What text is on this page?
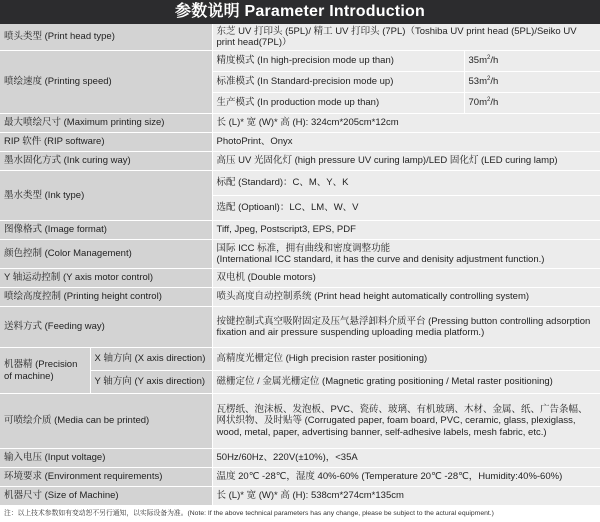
参数说明 Parameter Introduction
喷头类型 (Print head type)		东芝 UV 打印头 (5PL)/ 精工 UV 打印头 (7PL)（Toshiba UV print head (5PL)/Seiko UV print head(7PL)）	
喷绘速度 (Printing speed)		精度模式 (In high-precision mode up than)	$35m^2/h$
		标准模式 (In Standard-precision mode up)	$53m^2/h$
		生产模式 (In production mode up than)	$70m^2/h$
最大喷绘尺寸 (Maximum printing size)		长 (L)* 宽 (W)* 高 (H): 324cm*205cm*12cm	
RIP 软件 (RIP software)		PhotoPrint、Onyx	
墨水固化方式 (Ink curing way)		高压 UV 光固化灯 (high pressure UV curing lamp)/LED 固化灯 (LED curing lamp)	
墨水类型 (Ink type)		标配 (Standard)：C、M、Y、K	
		选配 (Optioanl)：LC、LM、W、V	
图像格式 (Image format)		Tiff, Jpeg, Postscript3, EPS, PDF	
颜色控制 (Color Management)		国际 ICC 标准，拥有曲线和密度调整功能
(International ICC standard, it has the curve and denisity adjustment function.)	

Y 轴运动控制 (Y axis motor control)		双电机 (Double motors)	
喷绘高度控制 (Printing height control)		喷头高度自动控制系统 (Print head height automatically controlling system)	
送料方式 (Feeding way)		按键控制式真空吸附固定及压气悬浮卸料介质平台 (Pressing button controlling adsorption fixation and air pressure suspending uploading media platform.)	
机器精 (Precision of machine)	X 轴方向 (X axis direction)	高精度光栅定位 (High precision raster positioning)	
	Y 轴方向 (Y axis direction)	磁栅定位 / 金属光栅定位 (Magnetic grating positioning / Metal raster positioning)	
可喷绘介质 (Media can be printed)		瓦楞纸、泡沫板、发泡板、PVC、瓷砖、玻璃、有机玻璃、木材、金属、纸、广告条幅、网状织物、及时贴等 (Corrugated paper, foam board, PVC, ceramic, glass, plexiglass, wood, metal, paper, advertising banner, self-adhesive labels, mesh fabric, etc.)	
输入电压 (Input voltage)		50Hz/60Hz、220V(±10%)，<35A	
环境要求 (Environment requirements)		温度 20℃ -28℃，湿度 40%-60% (Temperature 20℃ -28℃，Humidity:40%-60%)	
机器尺寸 (Size of Machine)		长 (L)* 宽 (W)* 高 (H): 538cm*274cm*135cm	
注：以上技术参数如有变动恕不另行通知，以实际设备为准。(Note: If the above technical parameters has any change, please be subject to the actural equipment.)
